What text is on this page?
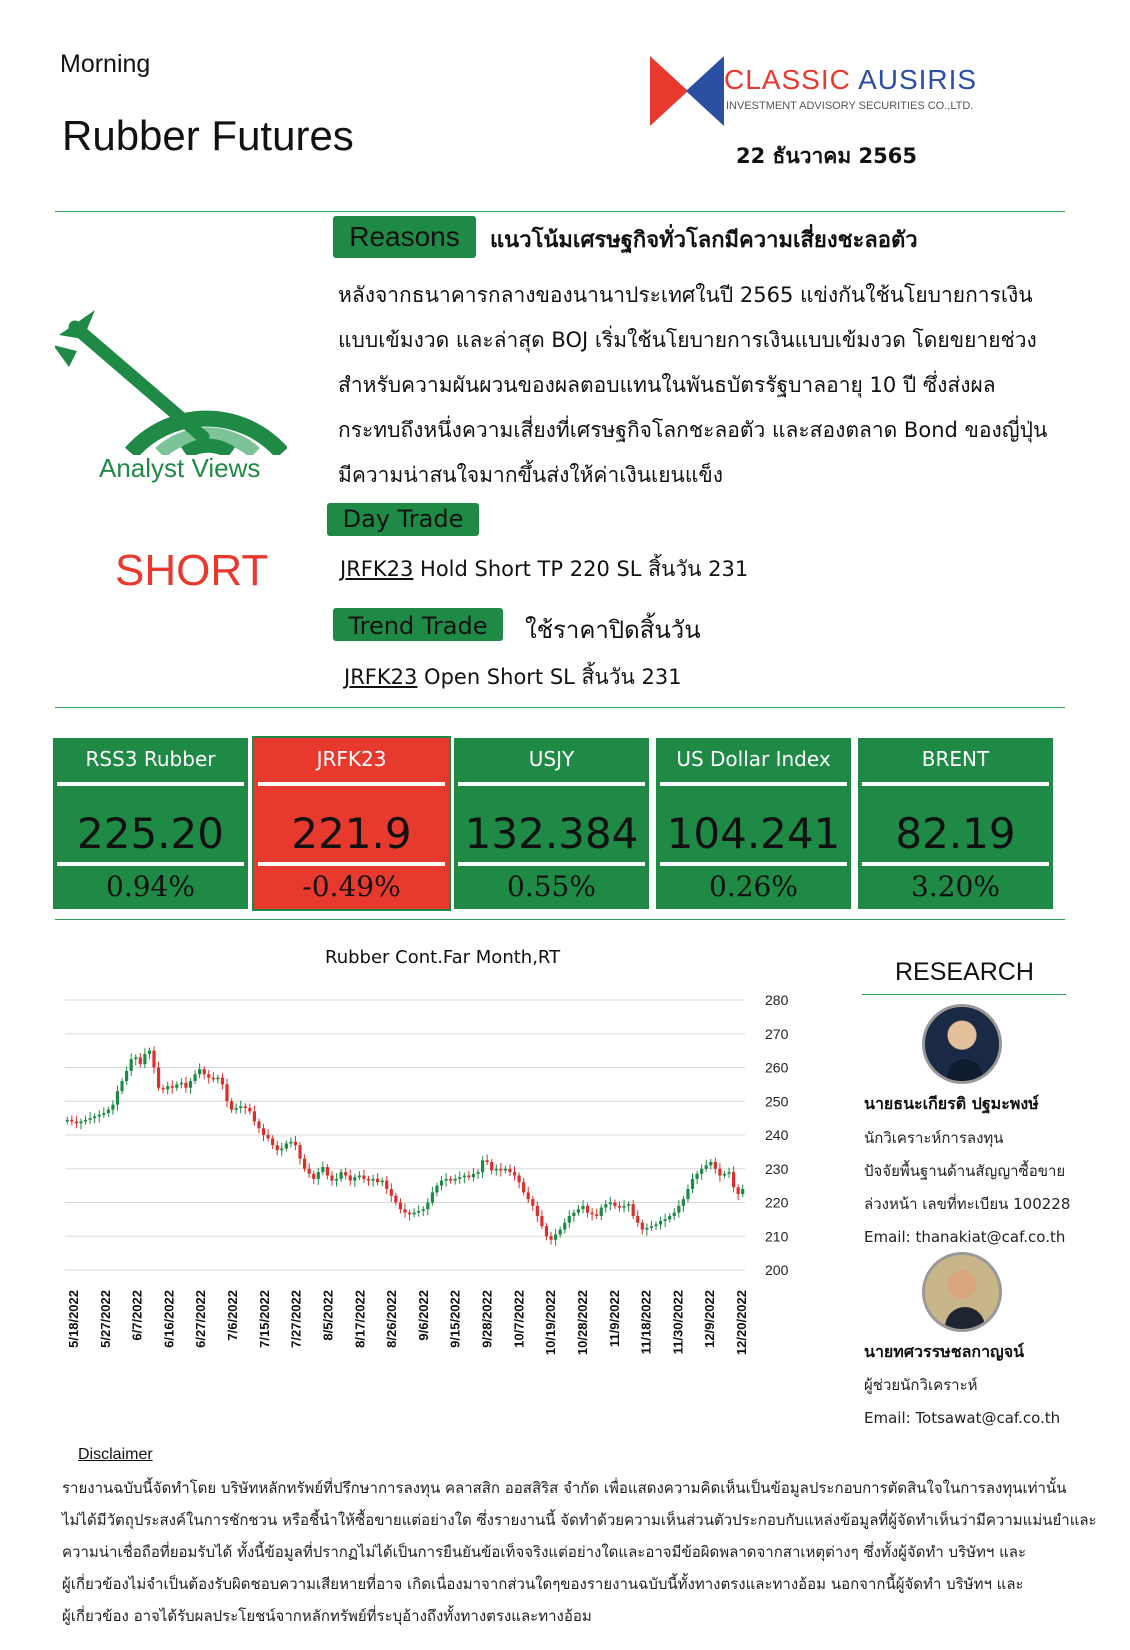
Morning
Rubber Futures
CLASSIC AUSIRIS
INVESTMENT ADVISORY SECURITIES CO.,LTD.
22 ธันวาคม 2565
Analyst Views
SHORT
Reasons	แนวโน้มเศรษฐกิจทั่วโลกมีความเสี่ยงชะลอตัว
หลังจากธนาคารกลางของนานาประเทศในปี 2565 แข่งกันใช้นโยบายการเงิน
แบบเข้มงวด และล่าสุด BOJ เริ่มใช้นโยบายการเงินแบบเข้มงวด โดยขยายช่วง
สำหรับความผันผวนของผลตอบแทนในพันธบัตรรัฐบาลอายุ 10 ปี ซึ่งส่งผล
กระทบถึงหนึ่งความเสี่ยงที่เศรษฐกิจโลกชะลอตัว และสองตลาด Bond ของญี่ปุ่น
มีความน่าสนใจมากขึ้นส่งให้ค่าเงินเยนแข็ง
Day Trade
JRFK23 Hold Short TP 220 SL สิ้นวัน 231
Trend Trade	ใช้ราคาปิดสิ้นวัน
JRFK23 Open Short SL สิ้นวัน 231
RSS3 Rubber
225.20
0.94%
JRFK23
221.9
-0.49%
USJY
132.384
0.55%
US Dollar Index
104.241
0.26%
BRENT
82.19
3.20%
Rubber Cont.Far Month,RT
200
210
220
230
240
250
260
270
280
5/18/2022 5/27/2022 6/7/2022 6/16/2022 6/27/2022 7/6/2022 7/15/2022 7/27/2022 8/5/2022 8/17/2022 8/26/2022 9/6/2022 9/15/2022 9/28/2022 10/7/2022 10/19/2022 10/28/2022 11/9/2022 11/18/2022 11/30/2022 12/9/2022 12/20/2022
RESEARCH
นายธนะเกียรติ ปฐมะพงษ์
นักวิเคราะห์การลงทุน
ปัจจัยพื้นฐานด้านสัญญาซื้อขาย
ล่วงหน้า เลขที่ทะเบียน 100228
Email: thanakiat@caf.co.th
นายทศวรรษชลกาญจน์
ผู้ช่วยนักวิเคราะห์
Email: Totsawat@caf.co.th
Disclaimer
รายงานฉบับนี้จัดทำโดย บริษัทหลักทรัพย์ที่ปรึกษาการลงทุน คลาสสิก ออสสิริส จำกัด เพื่อแสดงความคิดเห็นเป็นข้อมูลประกอบการตัดสินใจในการลงทุนเท่านั้น
ไม่ได้มีวัตถุประสงค์ในการชักชวน หรือชี้นำให้ซื้อขายแต่อย่างใด ซึ่งรายงานนี้ จัดทำด้วยความเห็นส่วนตัวประกอบกับแหล่งข้อมูลที่ผู้จัดทำเห็นว่ามีความแม่นยำและ
ความน่าเชื่อถือที่ยอมรับได้ ทั้งนี้ข้อมูลที่ปรากฏไม่ได้เป็นการยืนยันข้อเท็จจริงแต่อย่างใดและอาจมีข้อผิดพลาดจากสาเหตุต่างๆ ซึ่งทั้งผู้จัดทำ บริษัทฯ และ
ผู้เกี่ยวข้องไม่จำเป็นต้องรับผิดชอบความเสียหายที่อาจ เกิดเนื่องมาจากส่วนใดๆของรายงานฉบับนี้ทั้งทางตรงและทางอ้อม นอกจากนี้ผู้จัดทำ บริษัทฯ และ
ผู้เกี่ยวข้อง อาจได้รับผลประโยชน์จากหลักทรัพย์ที่ระบุอ้างถึงทั้งทางตรงและทางอ้อม
